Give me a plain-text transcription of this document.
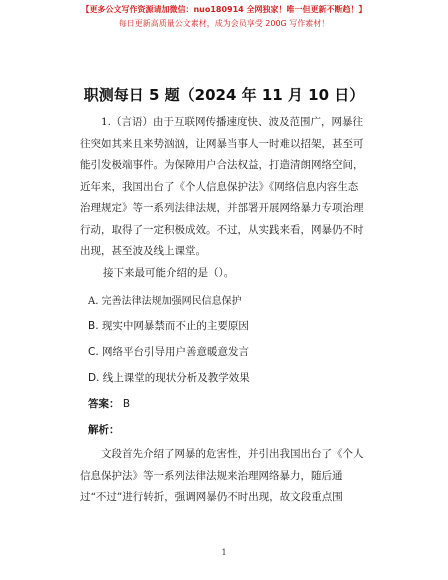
【更多公文写作资源请加微信：nuo180914 全网独家！唯一但更新不断趋！】
每日更新高质量公文素材，成为会员享受 200G 写作素材！
职测每日 5 题（2024 年 11 月 10 日）
1.（言语）由于互联网传播速度快、波及范围广，网暴往
往突如其来且来势汹汹，让网暴当事人一时难以招架，甚至可
能引发极端事件。为保障用户合法权益，打造清朗网络空间，
近年来，我国出台了《个人信息保护法》《网络信息内容生态
治理规定》等一系列法律法规，并部署开展网络暴力专项治理
行动，取得了一定积极成效。不过，从实践来看，网暴仍不时
出现，甚至波及线上课堂。
接下来最可能介绍的是（）。
A. 完善法律法规加强网民信息保护
B. 现实中网暴禁而不止的主要原因
C. 网络平台引导用户善意暖意发言
D. 线上课堂的现状分析及教学效果
答案： B
解析：
文段首先介绍了网暴的危害性，并引出我国出台了《个人
信息保护法》等一系列法律法规来治理网络暴力，随后通
过“不过”进行转折，强调网暴仍不时出现，故文段重点围
1
